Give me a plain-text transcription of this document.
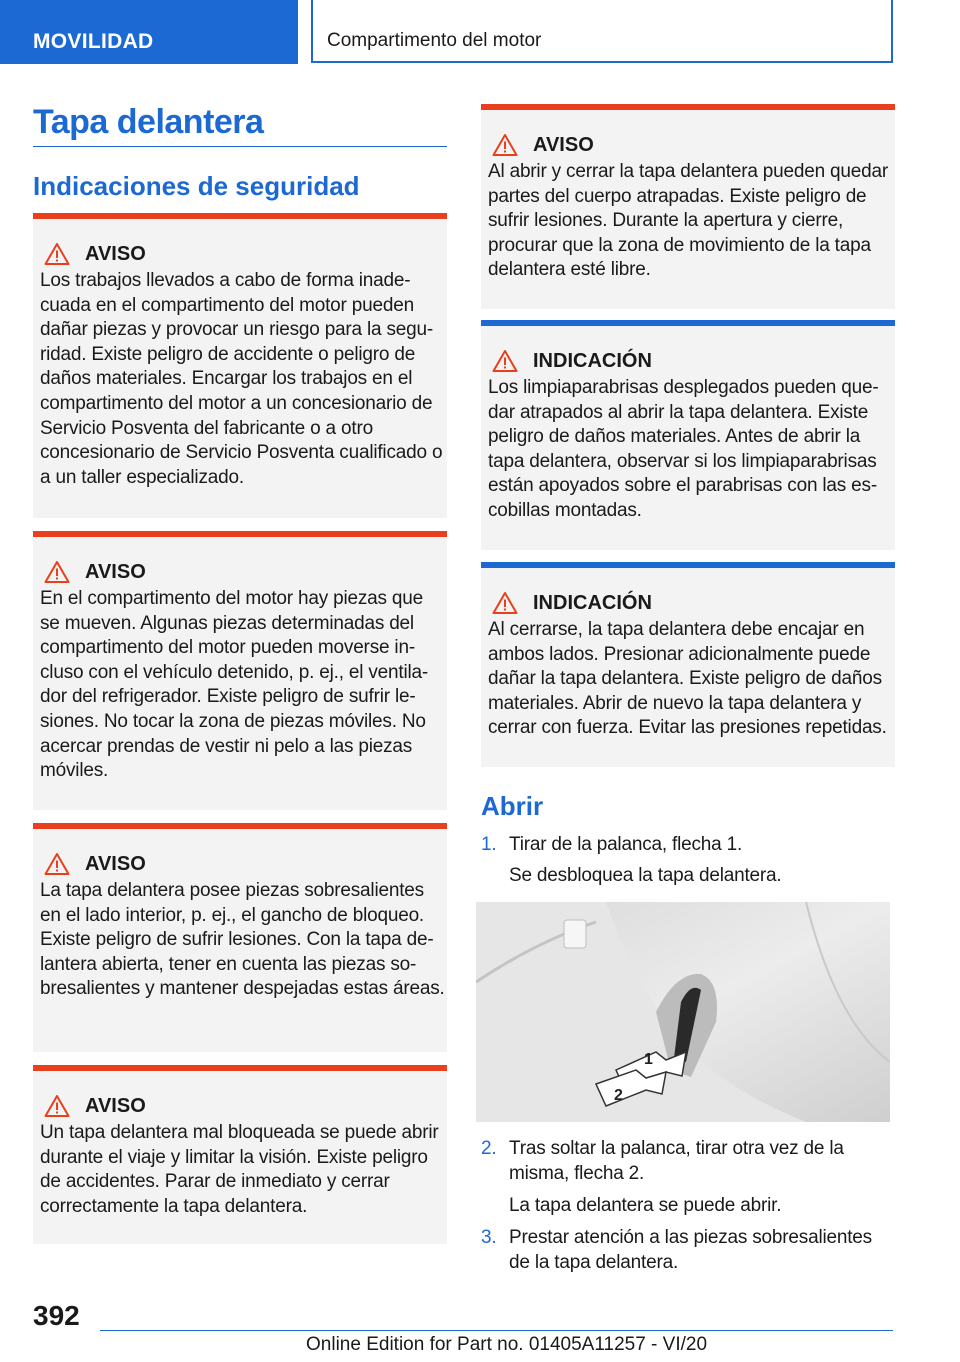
MOVILIDAD	Compartimento del motor
Tapa delantera
Indicaciones de seguridad
AVISO
Los trabajos llevados a cabo de forma inadecuada en el compartimento del motor pueden dañar piezas y provocar un riesgo para la seguridad. Existe peligro de accidente o peligro de daños materiales. Encargar los trabajos en el compartimento del motor a un concesionario de Servicio Posventa del fabricante o a otro concesionario de Servicio Posventa cualificado o a un taller especializado.
AVISO
En el compartimento del motor hay piezas que se mueven. Algunas piezas determinadas del compartimento del motor pueden moverse incluso con el vehículo detenido, p. ej., el ventilador del refrigerador. Existe peligro de sufrir lesiones. No tocar la zona de piezas móviles. No acercar prendas de vestir ni pelo a las piezas móviles.
AVISO
La tapa delantera posee piezas sobresalientes en el lado interior, p. ej., el gancho de bloqueo. Existe peligro de sufrir lesiones. Con la tapa delantera abierta, tener en cuenta las piezas sobresalientes y mantener despejadas estas áreas.
AVISO
Un tapa delantera mal bloqueada se puede abrir durante el viaje y limitar la visión. Existe peligro de accidentes. Parar de inmediato y cerrar correctamente la tapa delantera.
AVISO
Al abrir y cerrar la tapa delantera pueden quedar partes del cuerpo atrapadas. Existe peligro de sufrir lesiones. Durante la apertura y cierre, procurar que la zona de movimiento de la tapa delantera esté libre.
INDICACIÓN
Los limpiaparabrisas desplegados pueden quedar atrapados al abrir la tapa delantera. Existe peligro de daños materiales. Antes de abrir la tapa delantera, observar si los limpiaparabrisas están apoyados sobre el parabrisas con las escobillas montadas.
INDICACIÓN
Al cerrarse, la tapa delantera debe encajar en ambos lados. Presionar adicionalmente puede dañar la tapa delantera. Existe peligro de daños materiales. Abrir de nuevo la tapa delantera y cerrar con fuerza. Evitar las presiones repetidas.
Abrir
1. Tirar de la palanca, flecha 1.
Se desbloquea la tapa delantera.
1
2
2. Tras soltar la palanca, tirar otra vez de la misma, flecha 2.
La tapa delantera se puede abrir.
3. Prestar atención a las piezas sobresalientes de la tapa delantera.
392
Online Edition for Part no. 01405A11257 - VI/20
